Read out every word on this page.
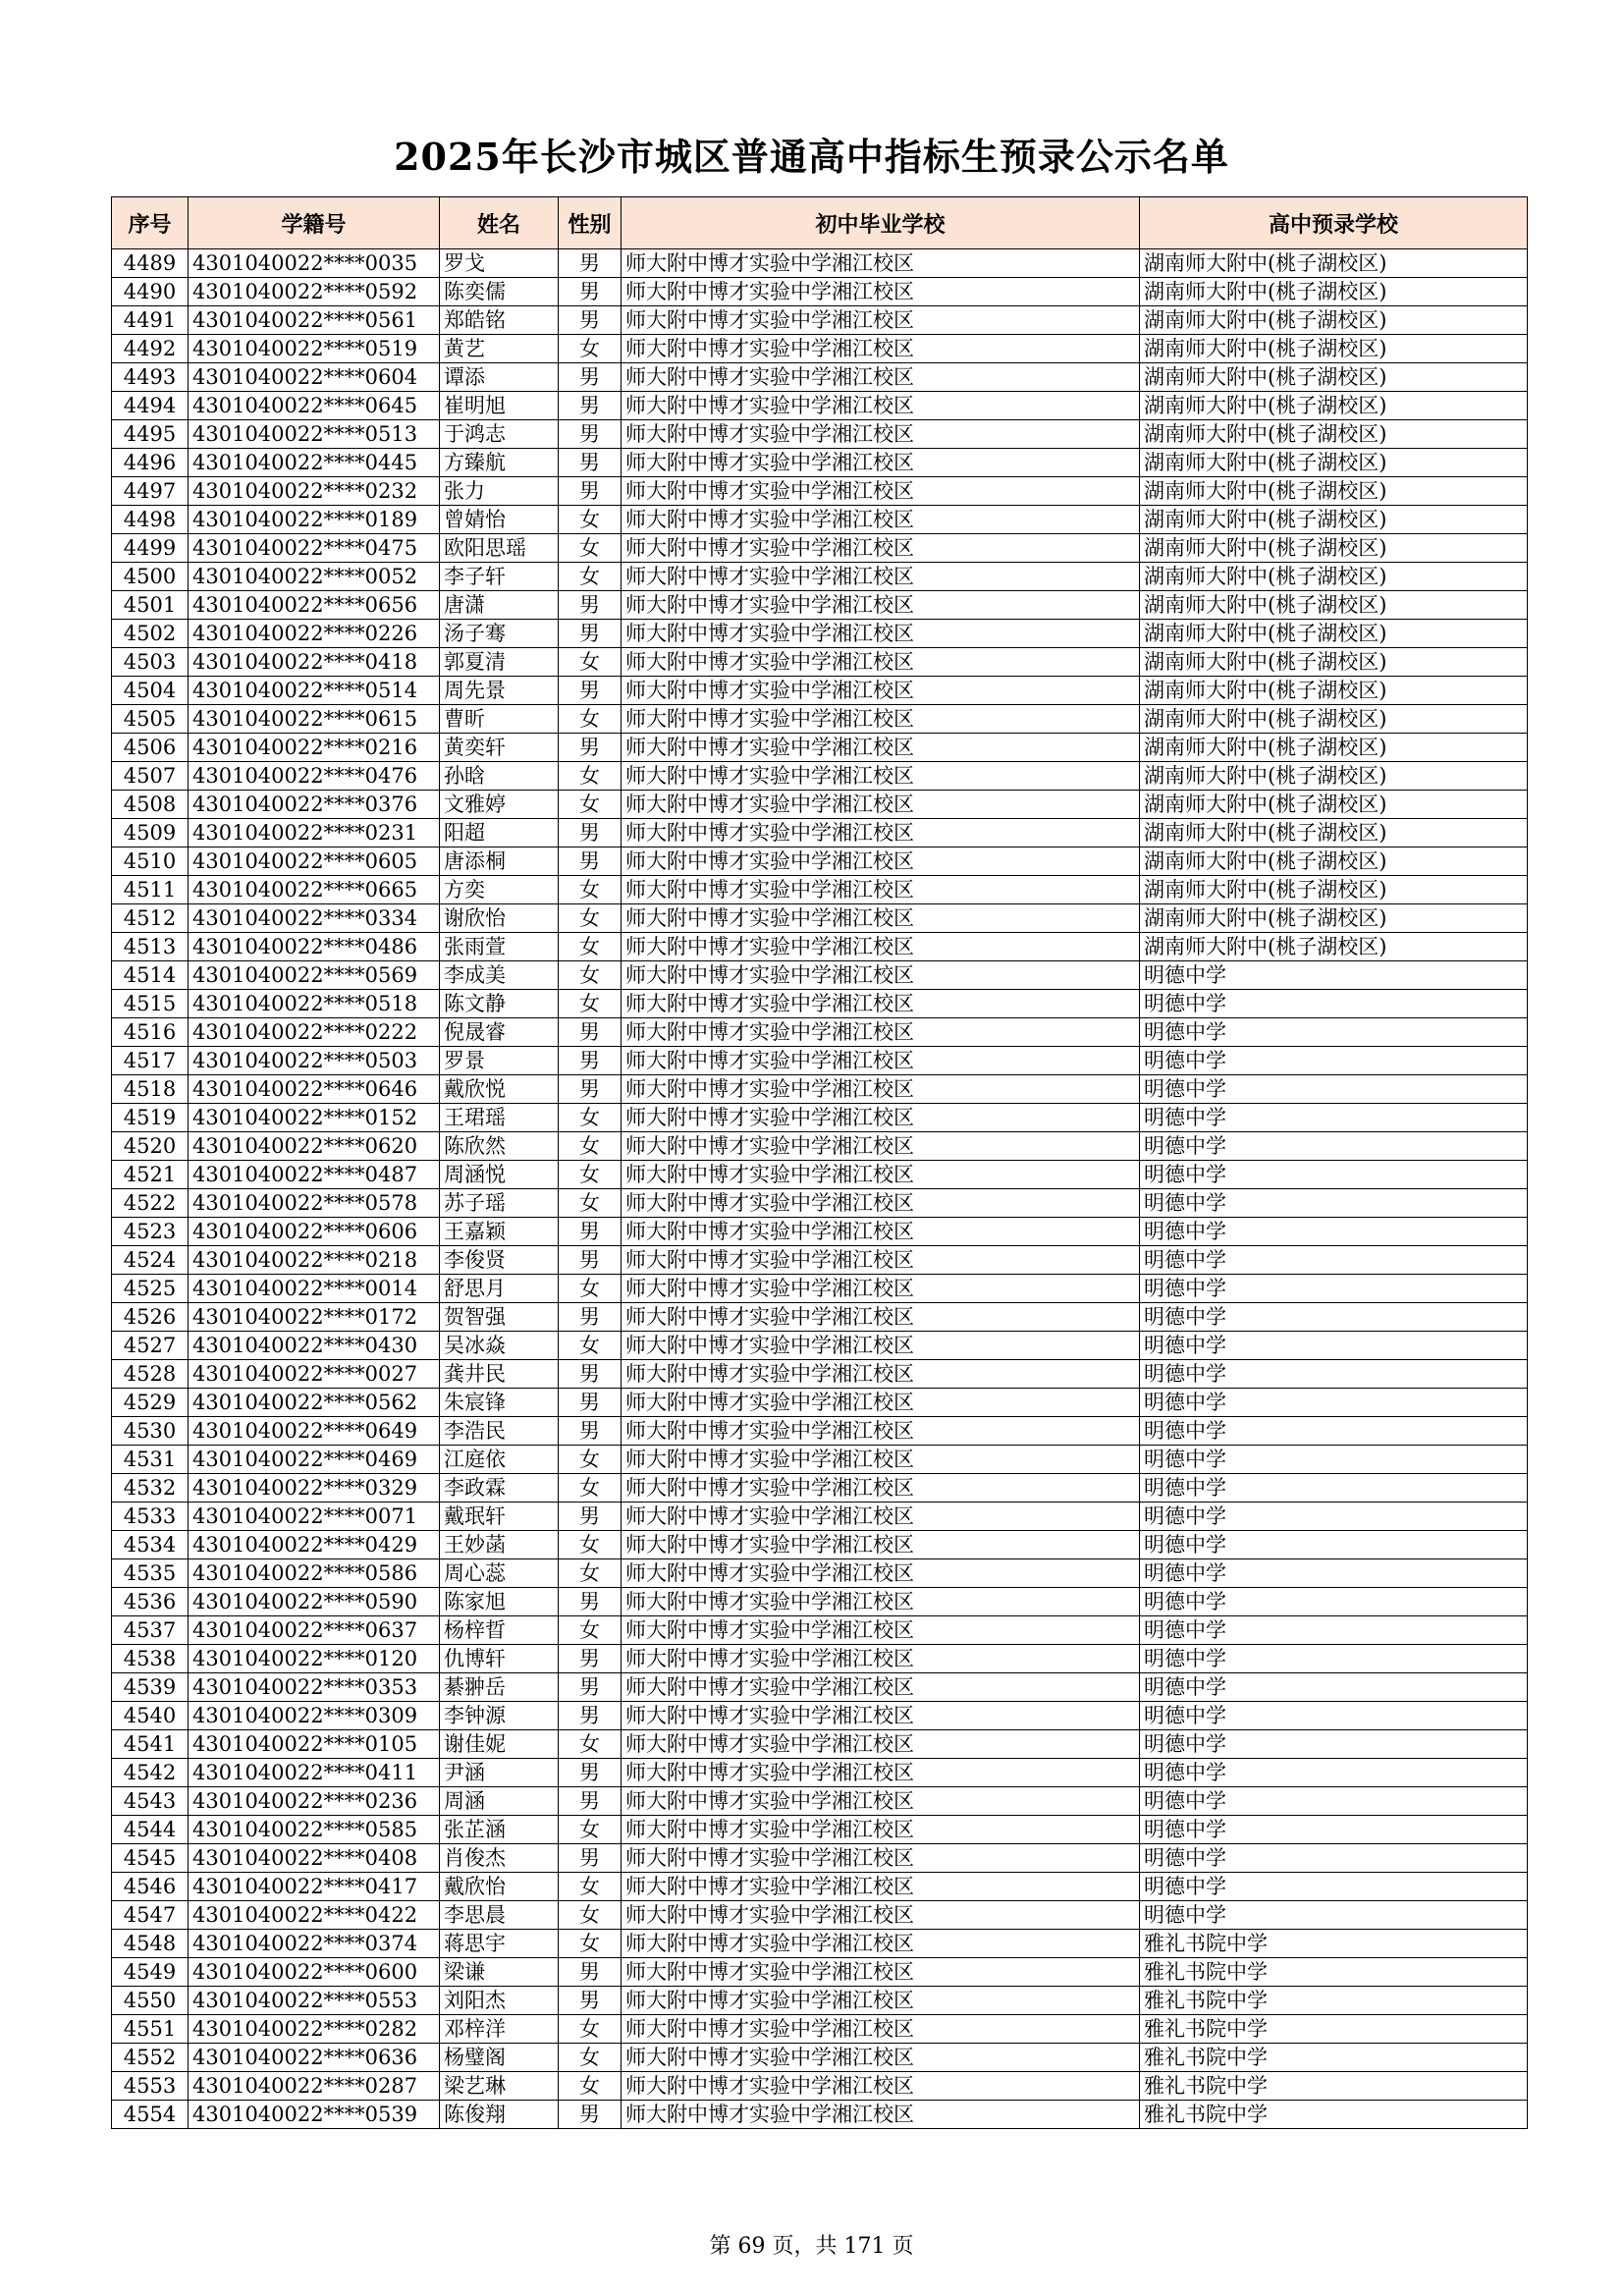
2025年长沙市城区普通高中指标生预录公示名单
序号	学籍号	姓名	性别	初中毕业学校	高中预录学校
4489	4301040022****0035	罗戈	男	师大附中博才实验中学湘江校区	湖南师大附中(桃子湖校区)
4490	4301040022****0592	陈奕儒	男	师大附中博才实验中学湘江校区	湖南师大附中(桃子湖校区)
4491	4301040022****0561	郑皓铭	男	师大附中博才实验中学湘江校区	湖南师大附中(桃子湖校区)
4492	4301040022****0519	黄艺	女	师大附中博才实验中学湘江校区	湖南师大附中(桃子湖校区)
4493	4301040022****0604	谭添	男	师大附中博才实验中学湘江校区	湖南师大附中(桃子湖校区)
4494	4301040022****0645	崔明旭	男	师大附中博才实验中学湘江校区	湖南师大附中(桃子湖校区)
4495	4301040022****0513	于鸿志	男	师大附中博才实验中学湘江校区	湖南师大附中(桃子湖校区)
4496	4301040022****0445	方臻航	男	师大附中博才实验中学湘江校区	湖南师大附中(桃子湖校区)
4497	4301040022****0232	张力	男	师大附中博才实验中学湘江校区	湖南师大附中(桃子湖校区)
4498	4301040022****0189	曾婧怡	女	师大附中博才实验中学湘江校区	湖南师大附中(桃子湖校区)
4499	4301040022****0475	欧阳思瑶	女	师大附中博才实验中学湘江校区	湖南师大附中(桃子湖校区)
4500	4301040022****0052	李子轩	女	师大附中博才实验中学湘江校区	湖南师大附中(桃子湖校区)
4501	4301040022****0656	唐潇	男	师大附中博才实验中学湘江校区	湖南师大附中(桃子湖校区)
4502	4301040022****0226	汤子骞	男	师大附中博才实验中学湘江校区	湖南师大附中(桃子湖校区)
4503	4301040022****0418	郭夏清	女	师大附中博才实验中学湘江校区	湖南师大附中(桃子湖校区)
4504	4301040022****0514	周先景	男	师大附中博才实验中学湘江校区	湖南师大附中(桃子湖校区)
4505	4301040022****0615	曹昕	女	师大附中博才实验中学湘江校区	湖南师大附中(桃子湖校区)
4506	4301040022****0216	黄奕轩	男	师大附中博才实验中学湘江校区	湖南师大附中(桃子湖校区)
4507	4301040022****0476	孙晗	女	师大附中博才实验中学湘江校区	湖南师大附中(桃子湖校区)
4508	4301040022****0376	文雅婷	女	师大附中博才实验中学湘江校区	湖南师大附中(桃子湖校区)
4509	4301040022****0231	阳超	男	师大附中博才实验中学湘江校区	湖南师大附中(桃子湖校区)
4510	4301040022****0605	唐添桐	男	师大附中博才实验中学湘江校区	湖南师大附中(桃子湖校区)
4511	4301040022****0665	方奕	女	师大附中博才实验中学湘江校区	湖南师大附中(桃子湖校区)
4512	4301040022****0334	谢欣怡	女	师大附中博才实验中学湘江校区	湖南师大附中(桃子湖校区)
4513	4301040022****0486	张雨萱	女	师大附中博才实验中学湘江校区	湖南师大附中(桃子湖校区)
4514	4301040022****0569	李成美	女	师大附中博才实验中学湘江校区	明德中学
4515	4301040022****0518	陈文静	女	师大附中博才实验中学湘江校区	明德中学
4516	4301040022****0222	倪晟睿	男	师大附中博才实验中学湘江校区	明德中学
4517	4301040022****0503	罗景	男	师大附中博才实验中学湘江校区	明德中学
4518	4301040022****0646	戴欣悦	男	师大附中博才实验中学湘江校区	明德中学
4519	4301040022****0152	王珺瑶	女	师大附中博才实验中学湘江校区	明德中学
4520	4301040022****0620	陈欣然	女	师大附中博才实验中学湘江校区	明德中学
4521	4301040022****0487	周涵悦	女	师大附中博才实验中学湘江校区	明德中学
4522	4301040022****0578	苏子瑶	女	师大附中博才实验中学湘江校区	明德中学
4523	4301040022****0606	王嘉颖	男	师大附中博才实验中学湘江校区	明德中学
4524	4301040022****0218	李俊贤	男	师大附中博才实验中学湘江校区	明德中学
4525	4301040022****0014	舒思月	女	师大附中博才实验中学湘江校区	明德中学
4526	4301040022****0172	贺智强	男	师大附中博才实验中学湘江校区	明德中学
4527	4301040022****0430	吴冰焱	女	师大附中博才实验中学湘江校区	明德中学
4528	4301040022****0027	龚井民	男	师大附中博才实验中学湘江校区	明德中学
4529	4301040022****0562	朱宸锋	男	师大附中博才实验中学湘江校区	明德中学
4530	4301040022****0649	李浩民	男	师大附中博才实验中学湘江校区	明德中学
4531	4301040022****0469	江庭依	女	师大附中博才实验中学湘江校区	明德中学
4532	4301040022****0329	李政霖	女	师大附中博才实验中学湘江校区	明德中学
4533	4301040022****0071	戴珉轩	男	师大附中博才实验中学湘江校区	明德中学
4534	4301040022****0429	王妙菡	女	师大附中博才实验中学湘江校区	明德中学
4535	4301040022****0586	周心蕊	女	师大附中博才实验中学湘江校区	明德中学
4536	4301040022****0590	陈家旭	男	师大附中博才实验中学湘江校区	明德中学
4537	4301040022****0637	杨梓晢	女	师大附中博才实验中学湘江校区	明德中学
4538	4301040022****0120	仇博轩	男	师大附中博才实验中学湘江校区	明德中学
4539	4301040022****0353	綦翀岳	男	师大附中博才实验中学湘江校区	明德中学
4540	4301040022****0309	李钟源	男	师大附中博才实验中学湘江校区	明德中学
4541	4301040022****0105	谢佳妮	女	师大附中博才实验中学湘江校区	明德中学
4542	4301040022****0411	尹涵	男	师大附中博才实验中学湘江校区	明德中学
4543	4301040022****0236	周涵	男	师大附中博才实验中学湘江校区	明德中学
4544	4301040022****0585	张芷涵	女	师大附中博才实验中学湘江校区	明德中学
4545	4301040022****0408	肖俊杰	男	师大附中博才实验中学湘江校区	明德中学
4546	4301040022****0417	戴欣怡	女	师大附中博才实验中学湘江校区	明德中学
4547	4301040022****0422	李思晨	女	师大附中博才实验中学湘江校区	明德中学
4548	4301040022****0374	蒋思宇	女	师大附中博才实验中学湘江校区	雅礼书院中学
4549	4301040022****0600	梁谦	男	师大附中博才实验中学湘江校区	雅礼书院中学
4550	4301040022****0553	刘阳杰	男	师大附中博才实验中学湘江校区	雅礼书院中学
4551	4301040022****0282	邓梓洋	女	师大附中博才实验中学湘江校区	雅礼书院中学
4552	4301040022****0636	杨璧阁	女	师大附中博才实验中学湘江校区	雅礼书院中学
4553	4301040022****0287	梁艺琳	女	师大附中博才实验中学湘江校区	雅礼书院中学
4554	4301040022****0539	陈俊翔	男	师大附中博才实验中学湘江校区	雅礼书院中学
第 69 页，共 171 页
